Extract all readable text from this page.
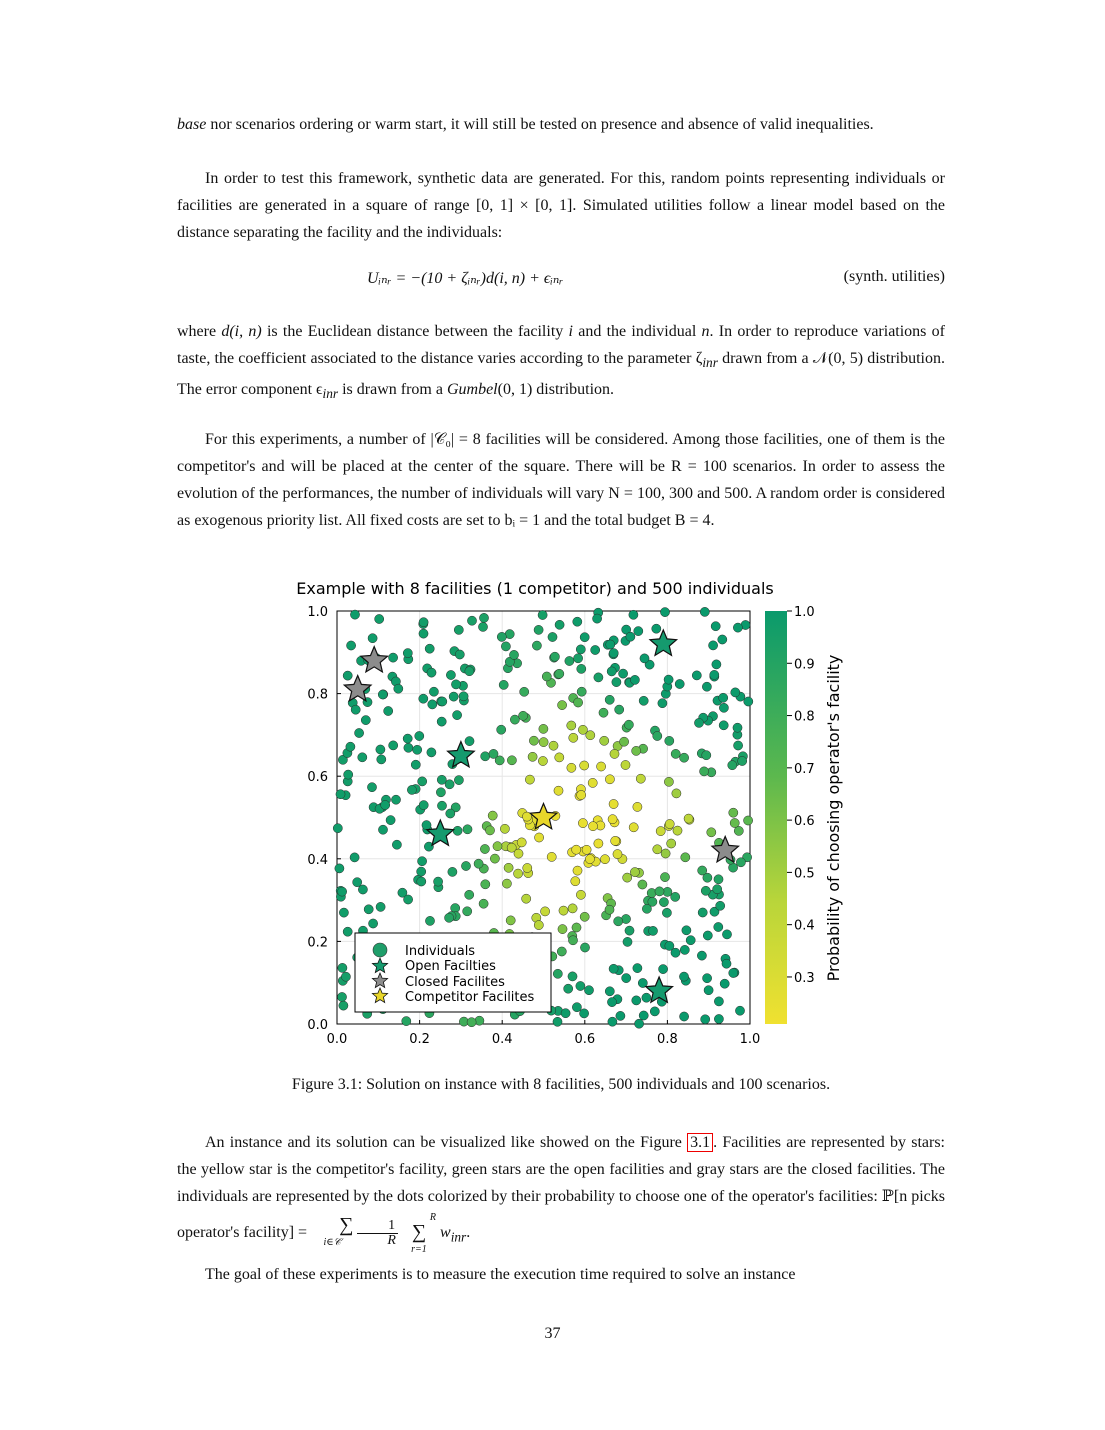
base nor scenarios ordering or warm start, it will still be tested on presence and absence of valid inequalities.
In order to test this framework, synthetic data are generated. For this, random points representing individuals or facilities are generated in a square of range [0, 1] × [0, 1]. Simulated utilities follow a linear model based on the distance separating the facility and the individuals:
Uᵢₙᵣ = −(10 + ζᵢₙᵣ)d(i, n) + ϵᵢₙᵣ	(synth. utilities)
where d(i, n) is the Euclidean distance between the facility i and the individual n. In order to reproduce variations of taste, the coefficient associated to the distance varies according to the parameter $\zeta_{inr}$ drawn from a 𝒩(0, 5) distribution. The error component $\epsilon_{inr}$ is drawn from a Gumbel(0, 1) distribution.
For this experiments, a number of |𝒞₀| = 8 facilities will be considered. Among those facilities, one of them is the competitor's and will be placed at the center of the square. There will be R = 100 scenarios. In order to assess the evolution of the performances, the number of individuals will vary N = 100, 300 and 500. A random order is considered as exogenous priority list. All fixed costs are set to bᵢ = 1 and the total budget B = 4.
Example with 8 facilities (1 competitor) and 500 individuals
0.0	0.2	0.4	0.6	0.8	1.0
0.0
0.2
0.4
0.6
0.8
1.0
Individuals
Open Facilties
Closed Facilites
Competitor Facilites
0.3
0.4
0.5
0.6
0.7
0.8
0.9
1.0
Probability of choosing operator's facility
Figure 3.1: Solution on instance with 8 facilities, 500 individuals and 100 scenarios.
An instance and its solution can be visualized like showed on the Figure 3.1 . Facilities are represented by stars: the yellow star is the competitor's facility, green stars are the open facilities and gray stars are the closed facilities. The individuals are represented by the dots colorized by their probability to choose one of the operator's facilities: ℙ[n picks operator's facility] = ∑
i∈𝒞 $\frac{1}{R}$ R
∑
r=1 $w_{inr}$.
The goal of these experiments is to measure the execution time required to solve an instance
37
